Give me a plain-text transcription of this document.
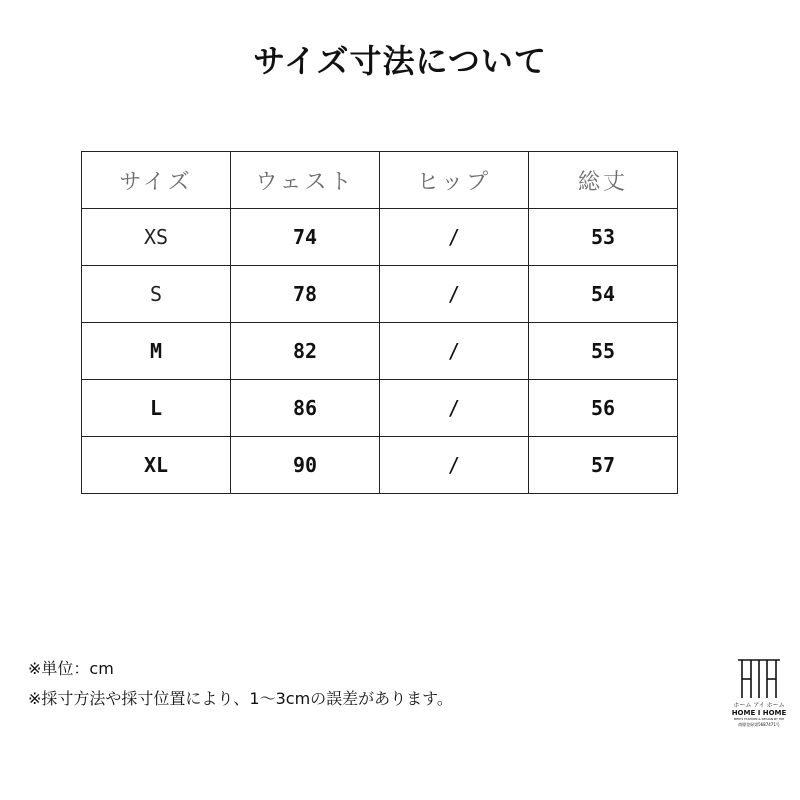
サイズ寸法について
サイズ	ウェスト	ヒップ	総丈
XS	74	/	53
S	78	/	54
M	82	/	55
L	86	/	56
XL	90	/	57
※単位：cm
※採寸方法や採寸位置により、1～3cmの誤差があります。	ホーム アイ ホーム
HOME I HOME
MEN'S FASHION & DESIGN BY HIH
商標登録第5687471号
